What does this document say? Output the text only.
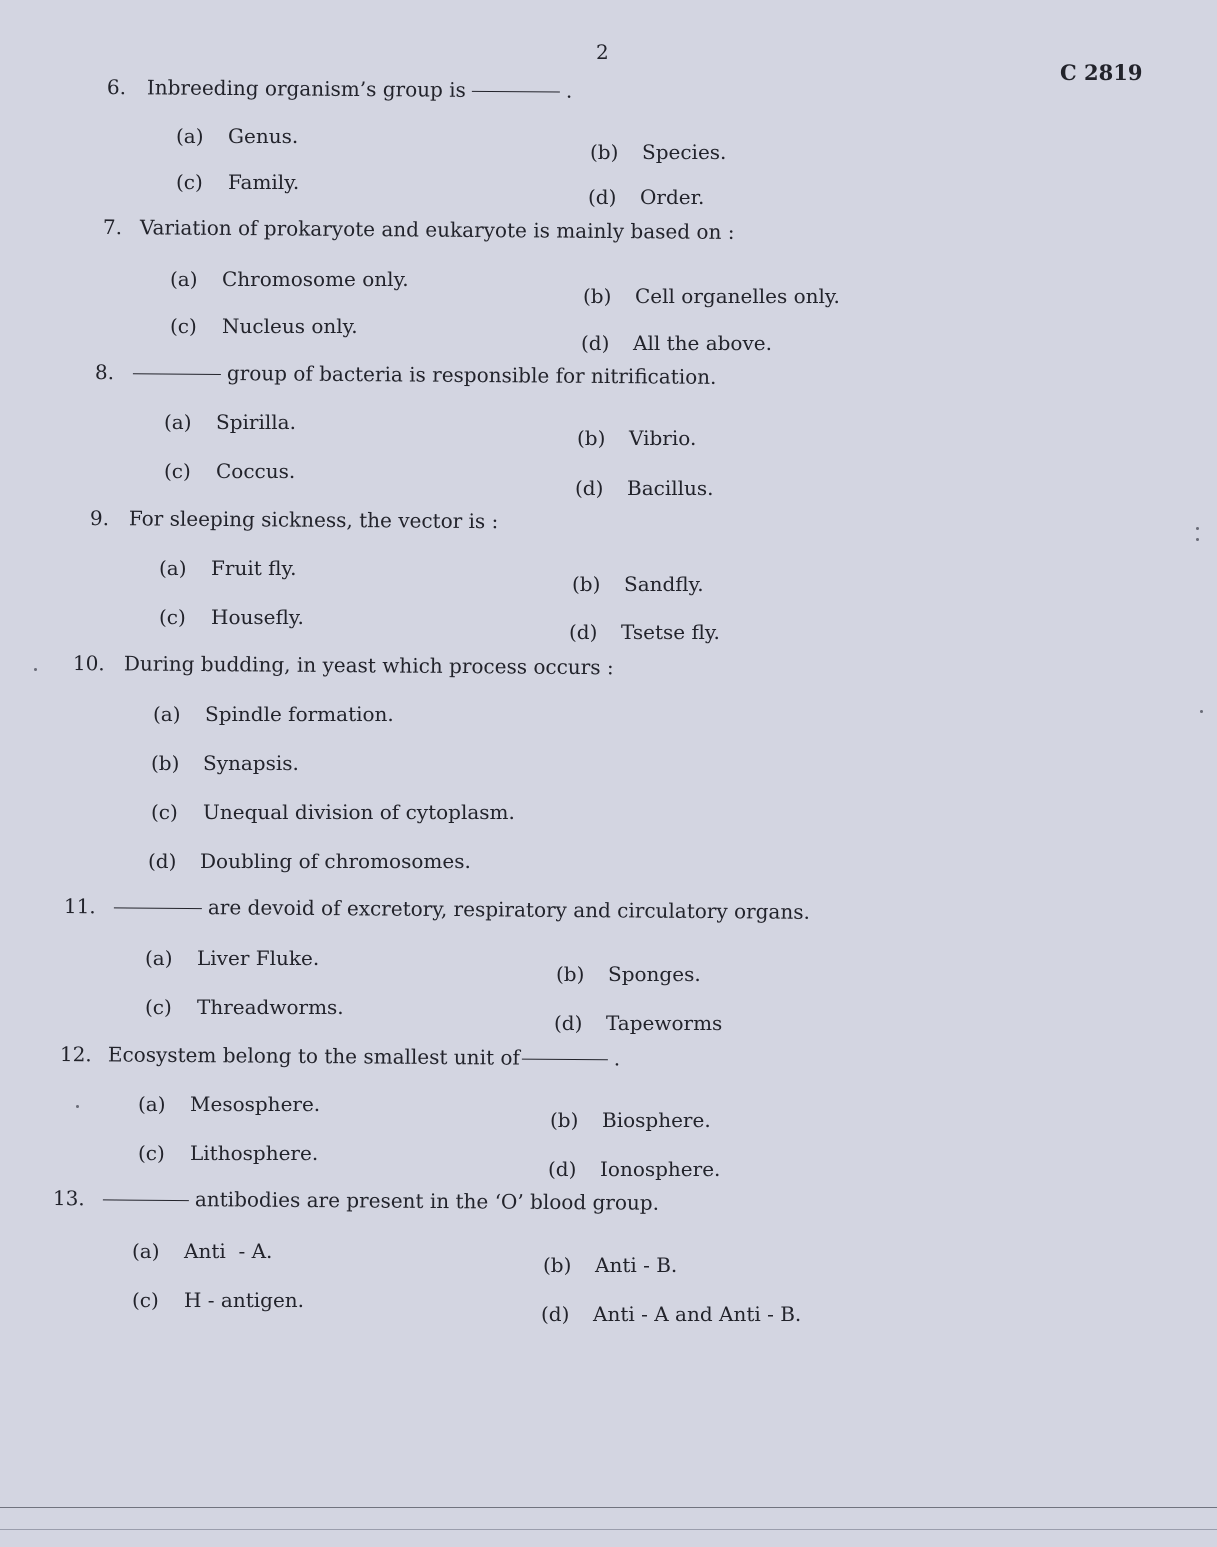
2
C 2819
6. Inbreeding organism’s group is	.
(a) Genus.
(b) Species.
(c) Family.
(d) Order.
7. Variation of prokaryote and eukaryote is mainly based on :
(a) Chromosome only.
(b) Cell organelles only.
(c) Nucleus only.
(d) All the above.
8.	group of bacteria is responsible for nitrification.
(a) Spirilla.
(b) Vibrio.
(c) Coccus.
(d) Bacillus.
9. For sleeping sickness, the vector is :
(a) Fruit fly.
(b) Sandfly.
(c) Housefly.
(d) Tsetse fly.
10. During budding, in yeast which process occurs :
(a) Spindle formation.
(b) Synapsis.
(c) Unequal division of cytoplasm.
(d) Doubling of chromosomes.
11.	are devoid of excretory, respiratory and circulatory organs.
(a) Liver Fluke.
(b) Sponges.
(c) Threadworms.
(d) Tapeworms
12. Ecosystem belong to the smallest unit of	.
(a) Mesosphere.
(b) Biosphere.
(c) Lithosphere.
(d) Ionosphere.
13.	antibodies are present in the ‘O’ blood group.
(a) Anti  - A.
(b) Anti - B.
(c) H - antigen.
(d) Anti - A and Anti - B.
